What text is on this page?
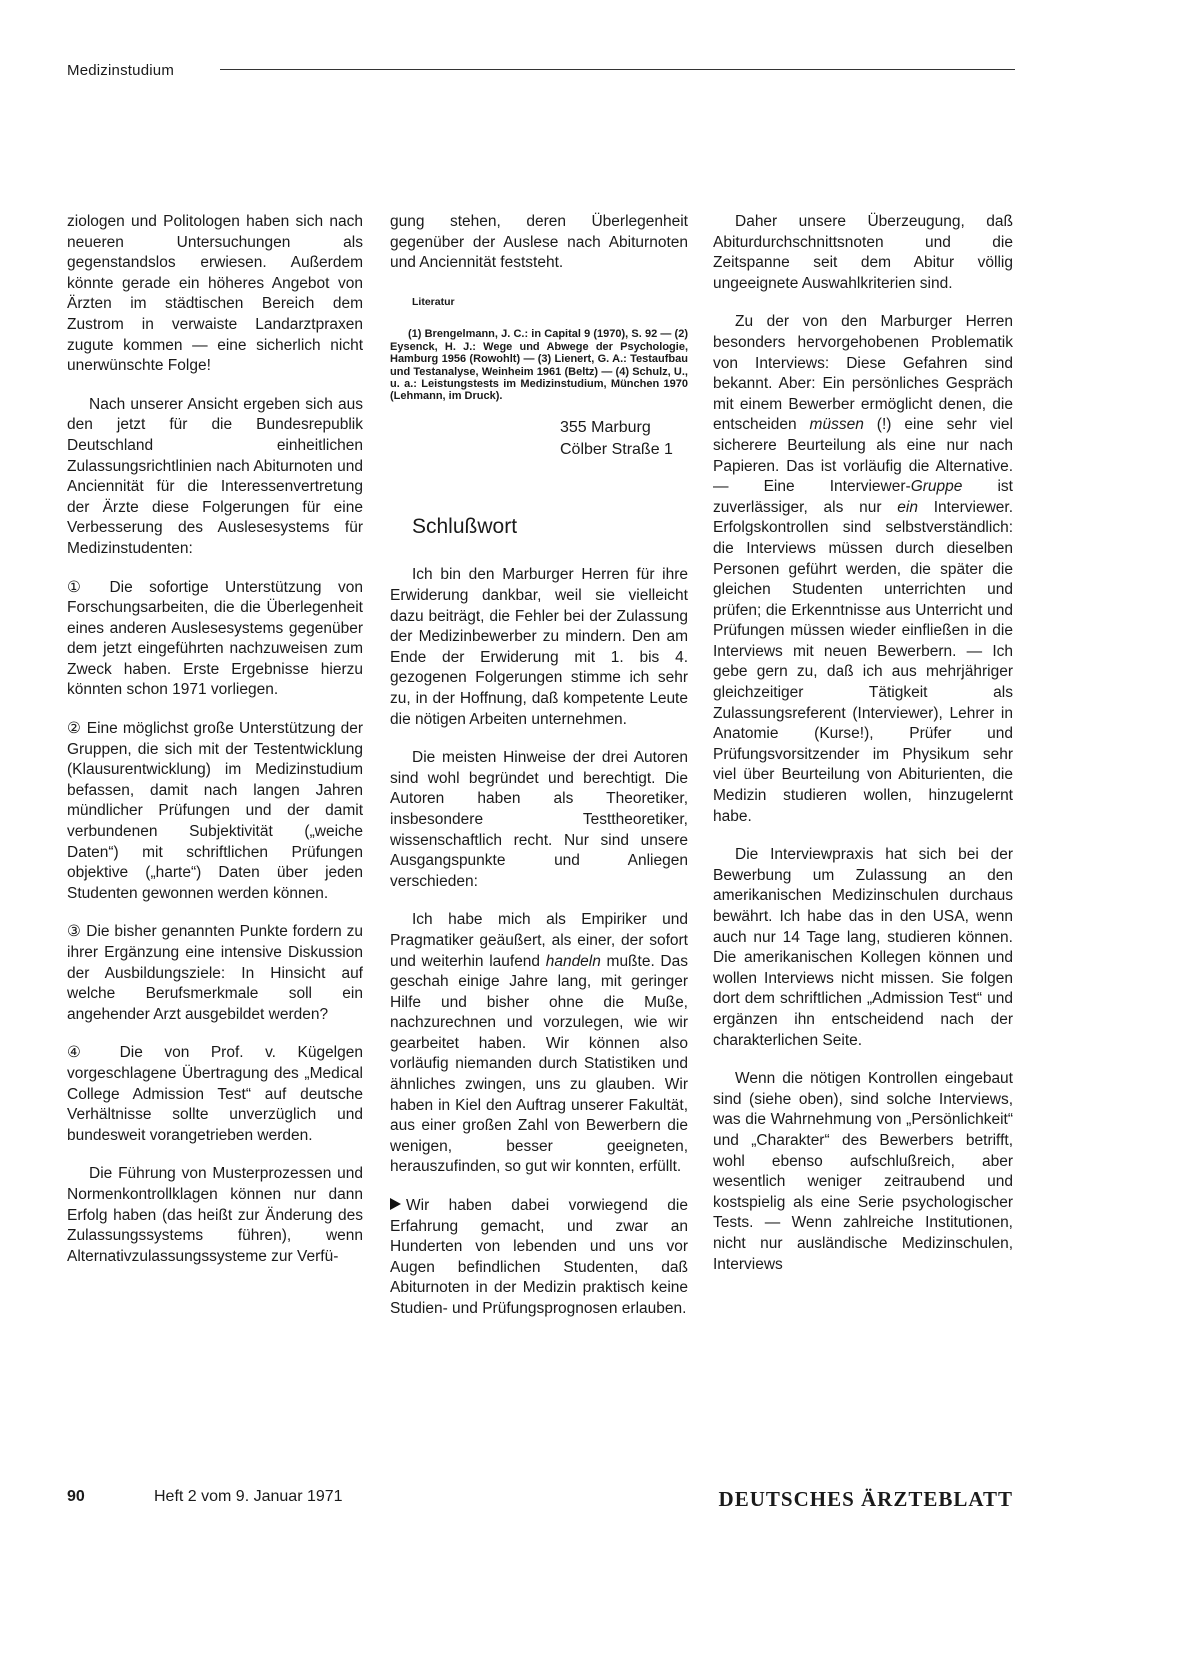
Medizinstudium

ziologen und Politologen haben sich nach neueren Untersuchungen als gegenstandslos erwiesen. Außerdem könnte gerade ein höheres Angebot von Ärzten im städtischen Bereich dem Zustrom in verwaiste Landarztpraxen zugute kommen — eine sicherlich nicht unerwünschte Folge!

Nach unserer Ansicht ergeben sich aus den jetzt für die Bundesrepublik Deutschland einheitlichen Zulassungsrichtlinien nach Abiturnoten und Anciennität für die Interessenvertretung der Ärzte diese Folgerungen für eine Verbesserung des Auslesesystems für Medizinstudenten:

① Die sofortige Unterstützung von Forschungsarbeiten, die die Überlegenheit eines anderen Auslesesystems gegenüber dem jetzt eingeführten nachzuweisen zum Zweck haben. Erste Ergebnisse hierzu könnten schon 1971 vorliegen.

② Eine möglichst große Unterstützung der Gruppen, die sich mit der Testentwicklung (Klausurentwicklung) im Medizinstudium befassen, damit nach langen Jahren mündlicher Prüfungen und der damit verbundenen Subjektivität („weiche Daten“) mit schriftlichen Prüfungen objektive („harte“) Daten über jeden Studenten gewonnen werden können.

③ Die bisher genannten Punkte fordern zu ihrer Ergänzung eine intensive Diskussion der Ausbildungsziele: In Hinsicht auf welche Berufsmerkmale soll ein angehender Arzt ausgebildet werden?

④ Die von Prof. v. Kügelgen vorgeschlagene Übertragung des „Medical College Admission Test“ auf deutsche Verhältnisse sollte unverzüglich und bundesweit vorangetrieben werden.

Die Führung von Musterprozessen und Normenkontrollklagen können nur dann Erfolg haben (das heißt zur Änderung des Zulassungssystems führen), wenn Alternativzulassungssysteme zur Verfü-

gung stehen, deren Überlegenheit gegenüber der Auslese nach Abiturnoten und Anciennität feststeht.

Literatur

(1) Brengelmann, J. C.: in Capital 9 (1970), S. 92 — (2) Eysenck, H. J.: Wege und Abwege der Psychologie, Hamburg 1956 (Rowohlt) — (3) Lienert, G. A.: Testaufbau und Testanalyse, Weinheim 1961 (Beltz) — (4) Schulz, U., u. a.: Leistungstests im Medizinstudium, München 1970 (Lehmann, im Druck).

355 Marburg
Cölber Straße 1
Schlußwort

Ich bin den Marburger Herren für ihre Erwiderung dankbar, weil sie vielleicht dazu beiträgt, die Fehler bei der Zulassung der Medizinbewerber zu mindern. Den am Ende der Erwiderung mit 1. bis 4. gezogenen Folgerungen stimme ich sehr zu, in der Hoffnung, daß kompetente Leute die nötigen Arbeiten unternehmen.

Die meisten Hinweise der drei Autoren sind wohl begründet und berechtigt. Die Autoren haben als Theoretiker, insbesondere Testtheoretiker, wissenschaftlich recht. Nur sind unsere Ausgangspunkte und Anliegen verschieden:

Ich habe mich als Empiriker und Pragmatiker geäußert, als einer, der sofort und weiterhin laufend handeln mußte. Das geschah einige Jahre lang, mit geringer Hilfe und bisher ohne die Muße, nachzurechnen und vorzulegen, wie wir gearbeitet haben. Wir können also vorläufig niemanden durch Statistiken und ähnliches zwingen, uns zu glauben. Wir haben in Kiel den Auftrag unserer Fakultät, aus einer großen Zahl von Bewerbern die wenigen, besser geeigneten, herauszufinden, so gut wir konnten, erfüllt.

Wir haben dabei vorwiegend die Erfahrung gemacht, und zwar an Hunderten von lebenden und uns vor Augen befindlichen Studenten, daß Abiturnoten in der Medizin praktisch keine Studien- und Prüfungsprognosen erlauben.

Daher unsere Überzeugung, daß Abiturdurchschnittsnoten und die Zeitspanne seit dem Abitur völlig ungeeignete Auswahlkriterien sind.

Zu der von den Marburger Herren besonders hervorgehobenen Problematik von Interviews: Diese Gefahren sind bekannt. Aber: Ein persönliches Gespräch mit einem Bewerber ermöglicht denen, die entscheiden müssen (!) eine sehr viel sicherere Beurteilung als eine nur nach Papieren. Das ist vorläufig die Alternative. — Eine Interviewer-Gruppe ist zuverlässiger, als nur ein Interviewer. Erfolgskontrollen sind selbstverständlich: die Interviews müssen durch dieselben Personen geführt werden, die später die gleichen Studenten unterrichten und prüfen; die Erkenntnisse aus Unterricht und Prüfungen müssen wieder einfließen in die Interviews mit neuen Bewerbern. — Ich gebe gern zu, daß ich aus mehrjähriger gleichzeitiger Tätigkeit als Zulassungsreferent (Interviewer), Lehrer in Anatomie (Kurse!), Prüfer und Prüfungsvorsitzender im Physikum sehr viel über Beurteilung von Abiturienten, die Medizin studieren wollen, hinzugelernt habe.

Die Interviewpraxis hat sich bei der Bewerbung um Zulassung an den amerikanischen Medizinschulen durchaus bewährt. Ich habe das in den USA, wenn auch nur 14 Tage lang, studieren können. Die amerikanischen Kollegen können und wollen Interviews nicht missen. Sie folgen dort dem schriftlichen „Admission Test“ und ergänzen ihn entscheidend nach der charakterlichen Seite.

Wenn die nötigen Kontrollen eingebaut sind (siehe oben), sind solche Interviews, was die Wahrnehmung von „Persönlichkeit“ und „Charakter“ des Bewerbers betrifft, wohl ebenso aufschlußreich, aber wesentlich weniger zeitraubend und kostspielig als eine Serie psychologischer Tests. — Wenn zahlreiche Institutionen, nicht nur ausländische Medizinschulen, Interviews

90	Heft 2 vom 9. Januar 1971	DEUTSCHES ÄRZTEBLATT
